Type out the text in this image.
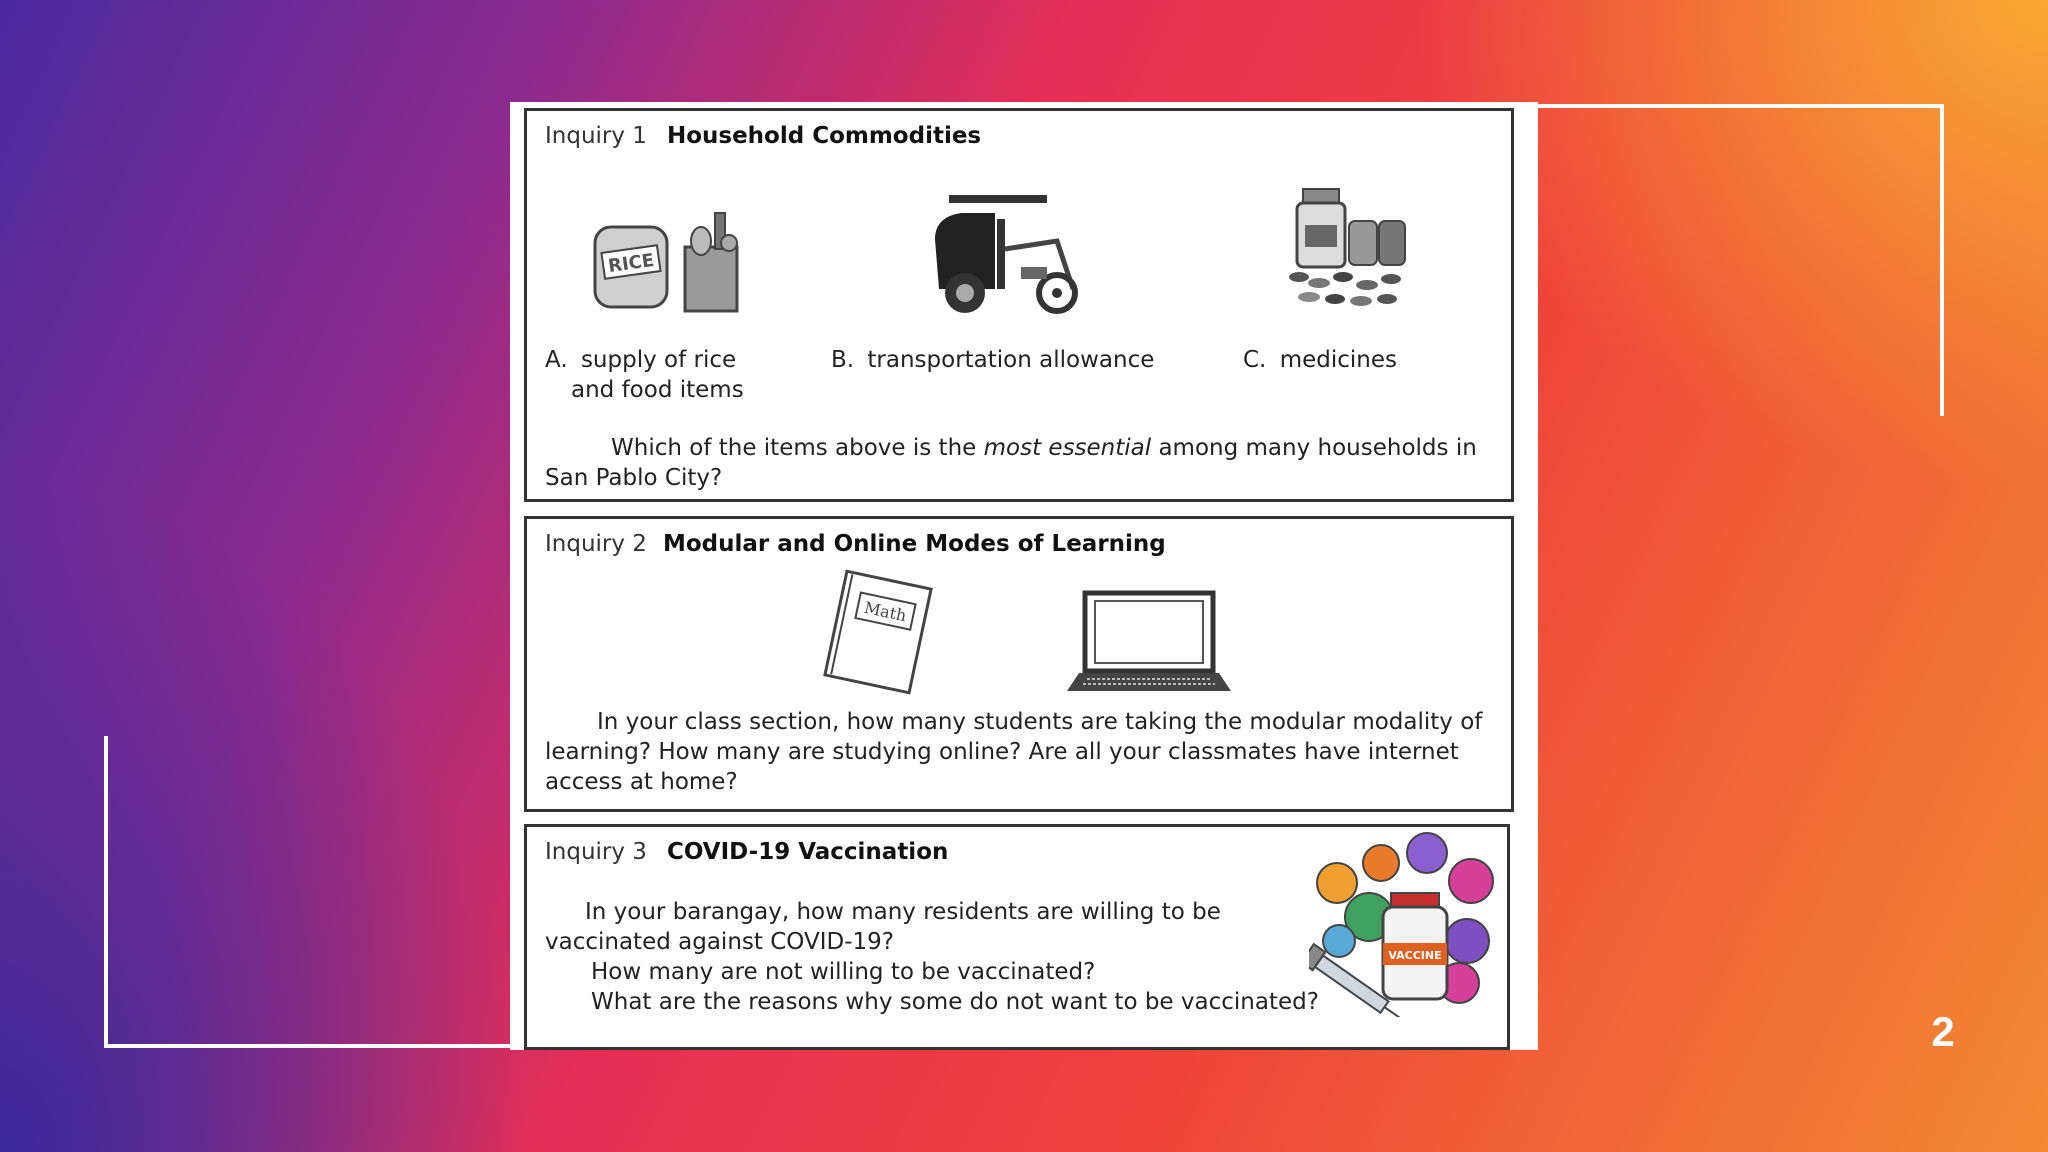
2
Inquiry 1 Household Commodities
RICE
A. supply of rice
and food items
B. transportation allowance	C. medicines
Which of the items above is the most essential among many households in
San Pablo City?
Inquiry 2 Modular and Online Modes of Learning
Math
In your class section, how many students are taking the modular modality of
learning? How many are studying online? Are all your classmates have internet
access at home?
Inquiry 3 COVID-19 Vaccination
In your barangay, how many residents are willing to be
vaccinated against COVID-19?
How many are not willing to be vaccinated?
What are the reasons why some do not want to be vaccinated?
VACCINE
